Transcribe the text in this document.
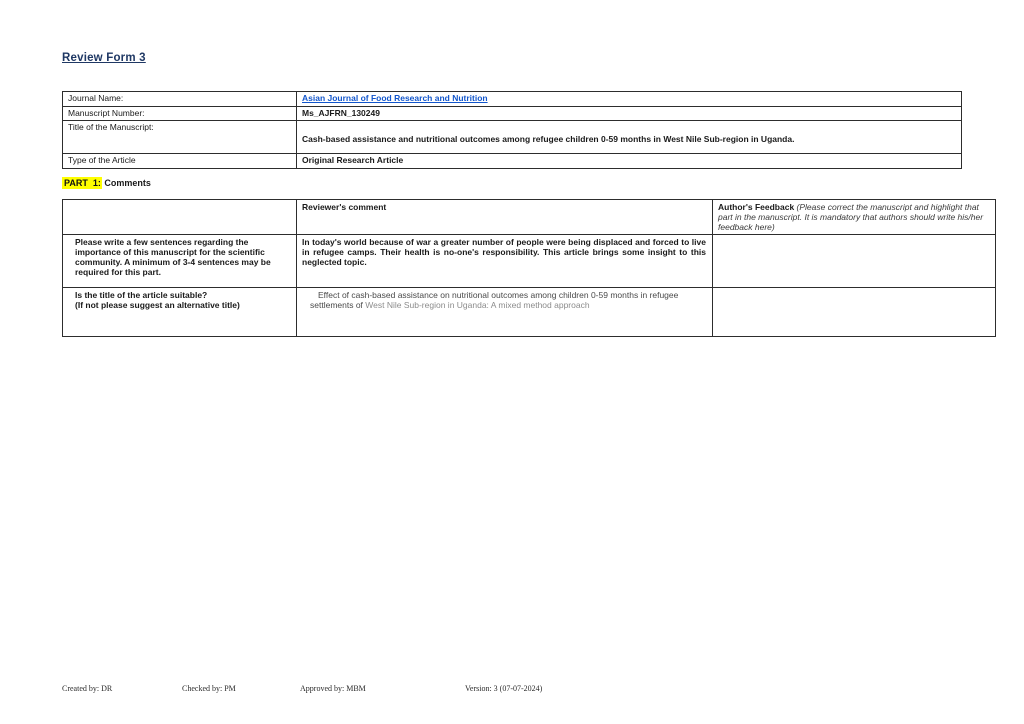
Review Form 3
Journal Name:	Asian Journal of Food Research and Nutrition
Manuscript Number:	Ms_AJFRN_130249
Title of the Manuscript:	Cash-based assistance and nutritional outcomes among refugee children 0-59 months in West Nile Sub-region in Uganda.
Type of the Article	Original Research Article
PART  1: Comments
	Reviewer's comment	Author's Feedback (Please correct the manuscript and highlight that part in the manuscript. It is mandatory that authors should write his/her feedback here)
Please write a few sentences regarding the importance of this manuscript for the scientific community. A minimum of 3-4 sentences may be required for this part.	In today's world because of war a greater number of people were being displaced and forced to live in refugee camps. Their health is no-one's responsibility. This article brings some insight to this neglected topic.	

Is the title of the article suitable?
(If not please suggest an alternative title)	Effect of cash-based assistance on nutritional outcomes among children 0-59 months in refugee settlements of West Nile Sub-region in Uganda: A mixed method approach	

Created by: DR	Checked by: PM	Approved by: MBM	Version: 3 (07-07-2024)
